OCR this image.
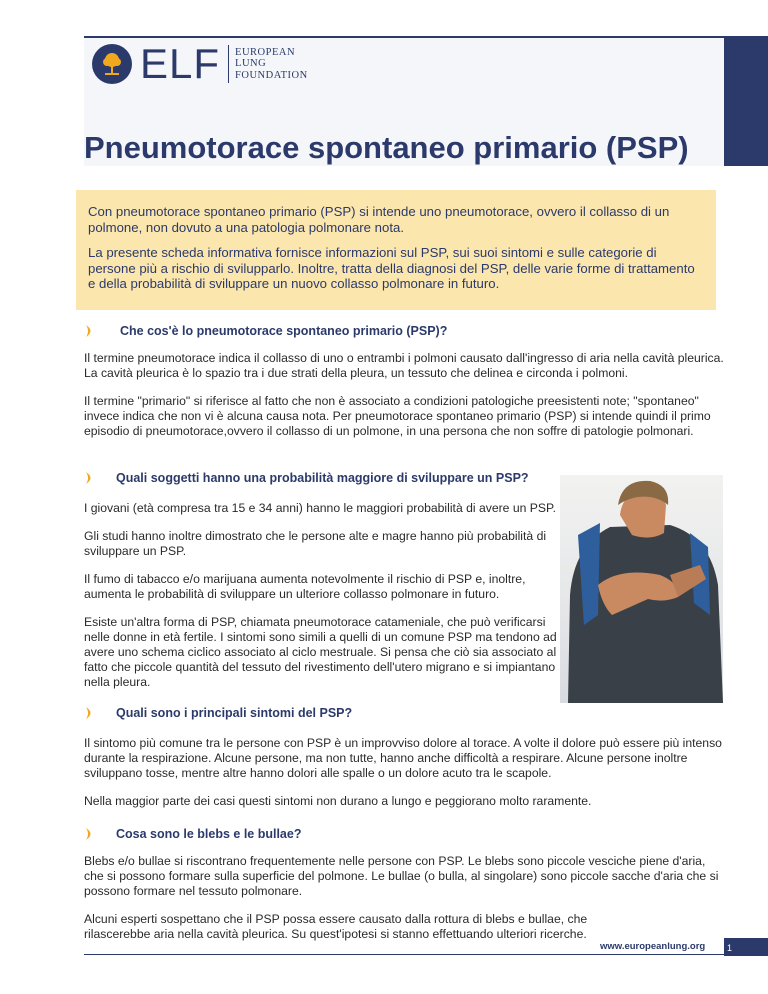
ELF EUROPEAN
LUNG
FOUNDATION
Pneumotorace spontaneo primario (PSP)

Con pneumotorace spontaneo primario (PSP) si intende uno pneumotorace, ovvero il collasso di un polmone, non dovuto a una patologia polmonare nota.

La presente scheda informativa fornisce informazioni sul PSP, sui suoi sintomi e sulle categorie di persone più a rischio di svilupparlo. Inoltre, tratta della diagnosi del PSP, delle varie forme di trattamento e della probabilità di sviluppare un nuovo collasso polmonare in futuro.

Che cos'è lo pneumotorace spontaneo primario (PSP)?

Il termine pneumotorace indica il collasso di uno o entrambi i polmoni causato dall'ingresso di aria nella cavità pleurica. La cavità pleurica è lo spazio tra i due strati della pleura, un tessuto che delinea e circonda i polmoni.

Il termine "primario" si riferisce al fatto che non è associato a condizioni patologiche preesistenti note; "spontaneo" invece indica che non vi è alcuna causa nota. Per pneumotorace spontaneo primario (PSP) si intende quindi il primo episodio di pneumotorace,ovvero il collasso di un polmone, in una persona che non soffre di patologie polmonari.

Quali soggetti hanno una probabilità maggiore di sviluppare un PSP?

I giovani (età compresa tra 15 e 34 anni) hanno le maggiori probabilità di avere un PSP.

Gli studi hanno inoltre dimostrato che le persone alte e magre hanno più probabilità di sviluppare un PSP.

Il fumo di tabacco e/o marijuana aumenta notevolmente il rischio di PSP e, inoltre, aumenta le probabilità di sviluppare un ulteriore collasso polmonare in futuro.

Esiste un'altra forma di PSP, chiamata pneumotorace catameniale, che può verificarsi nelle donne in età fertile. I sintomi sono simili a quelli di un comune PSP ma tendono ad avere uno schema ciclico associato al ciclo mestruale. Si pensa che ciò sia associato al fatto che piccole quantità del tessuto del rivestimento dell'utero migrano e si impiantano nella pleura.

Quali sono i principali sintomi del PSP?

Il sintomo più comune tra le persone con PSP è un improvviso dolore al torace. A volte il dolore può essere più intenso durante la respirazione. Alcune persone, ma non tutte, hanno anche difficoltà a respirare. Alcune persone inoltre sviluppano tosse, mentre altre hanno dolori alle spalle o un dolore acuto tra le scapole.

Nella maggior parte dei casi questi sintomi non durano a lungo e peggiorano molto raramente.

Cosa sono le blebs e le bullae?

Blebs e/o bullae si riscontrano frequentemente nelle persone con PSP. Le blebs sono piccole vesciche piene d'aria, che si possono formare sulla superficie del polmone. Le bullae (o bulla, al singolare) sono piccole sacche d'aria che si possono formare nel tessuto polmonare.

Alcuni esperti sospettano che il PSP possa essere causato dalla rottura di blebs e bullae, che rilascerebbe aria nella cavità pleurica. Su quest'ipotesi si stanno effettuando ulteriori ricerche.

www.europeanlung.org	1
